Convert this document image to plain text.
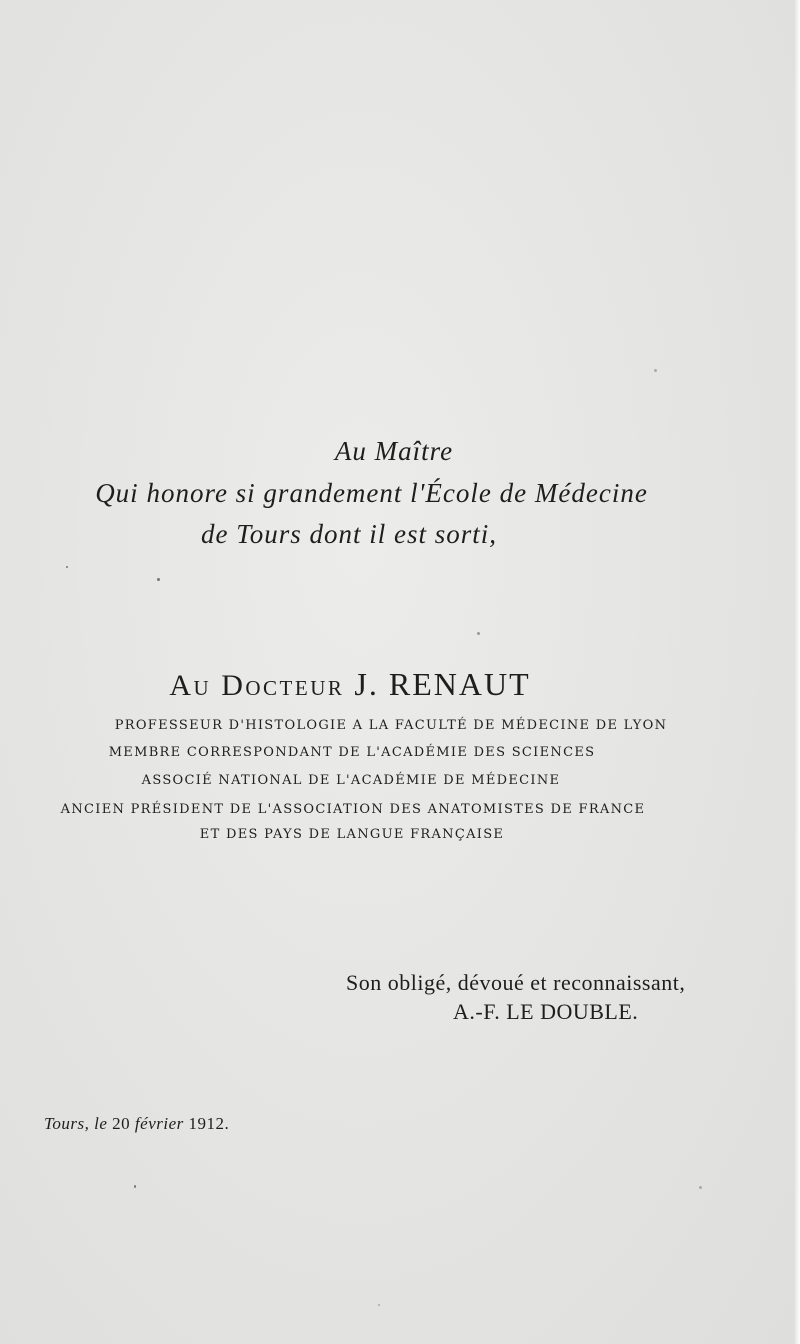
Au Maître
Qui honore si grandement l'École de Médecine
de Tours dont il est sorti,
Au Docteur J. RENAUT
PROFESSEUR D'HISTOLOGIE A LA FACULTÉ DE MÉDECINE DE LYON
MEMBRE CORRESPONDANT DE L'ACADÉMIE DES SCIENCES
ASSOCIÉ NATIONAL DE L'ACADÉMIE DE MÉDECINE
ANCIEN PRÉSIDENT DE L'ASSOCIATION DES ANATOMISTES DE FRANCE
ET DES PAYS DE LANGUE FRANÇAISE
Son obligé, dévoué et reconnaissant,
A.-F. LE DOUBLE.
Tours, le 20 février 1912.
